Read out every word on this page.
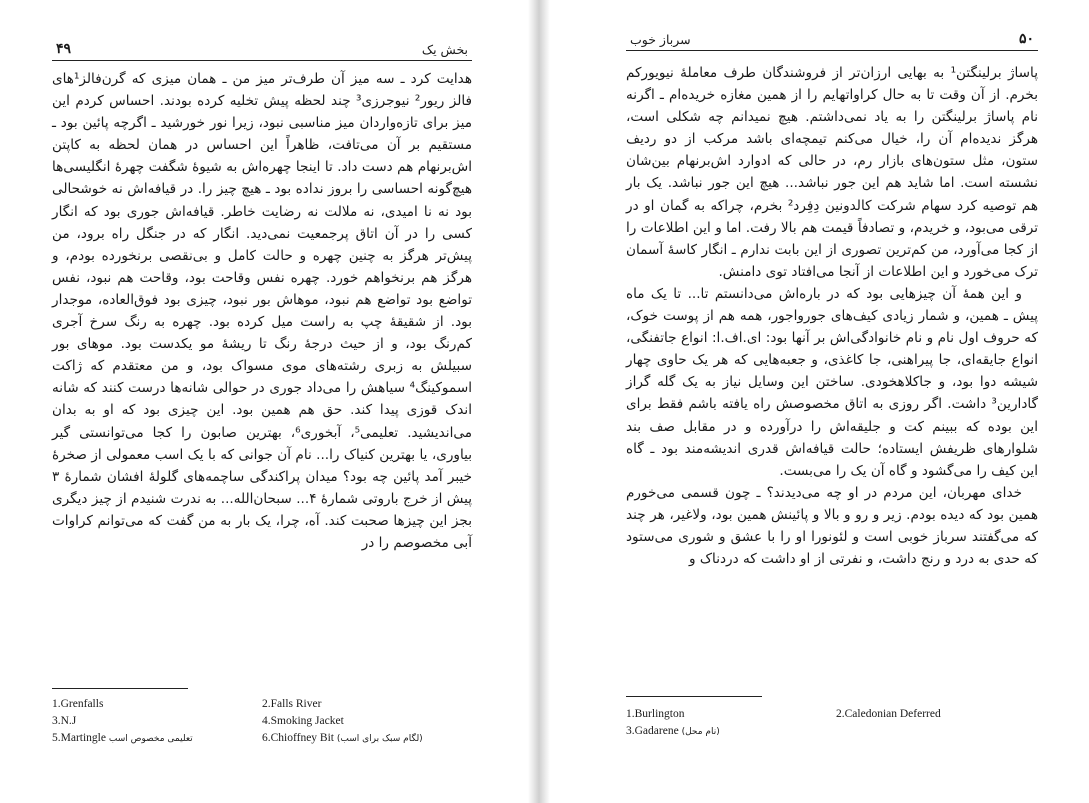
۴۹	بخش یک

هدایت کرد ـ سه میز آن طرف‌تر میز من ـ همان میزی که گرن‌فالز¹های فالز ریور² نیوجرزی³ چند لحظه پیش تخلیه کرده بودند. احساس کردم این میز برای تازه‌واردان میز مناسبی نبود، زیرا نور خورشید ـ اگرچه پائین بود ـ مستقیم بر آن می‌تافت، ظاهراً این احساس در همان لحظه به کاپتن اش‌برنهام هم دست داد. تا اینجا چهره‌اش به شیوهٔ شگفت چهرهٔ انگلیسی‌ها هیچ‌گونه احساسی را بروز نداده بود ـ هیچ چیز را. در قیافه‌اش نه خوشحالی بود نه نا امیدی، نه ملالت نه رضایت خاطر. قیافه‌اش جوری بود که انگار کسی را در آن اتاق پرجمعیت نمی‌دید. انگار که در جنگل راه برود، من پیش‌تر هرگز به چنین چهره و حالت کامل و بی‌نقصی برنخورده بودم، و هرگز هم برنخواهم خورد. چهره نفس وقاحت بود، وقاحت هم نبود، نفس تواضع بود تواضع هم نبود، موهاش بور نبود، چیزی بود فوق‌العاده، موجدار بود. از شقیقهٔ چپ به راست میل کرده بود. چهره به رنگ سرخ آجری کم‌رنگ بود، و از حیث درجهٔ رنگ تا ریشهٔ مو یکدست بود. موهای بور سبیلش به زبری رشته‌های موی مسواک بود، و من معتقدم که ژاکت اسموکینگ⁴ سیاهش را می‌داد جوری در حوالی شانه‌ها درست کنند که شانه اندک قوزی پیدا کند. حق هم همین بود. این چیزی بود که او به بدان می‌اندیشید. تعلیمی⁵، آبخوری⁶، بهترین صابون را کجا می‌توانستی گیر بیاوری، یا بهترین کنیاک را... نام آن جوانی که با یک اسب معمولی از صخرهٔ خیبر آمد پائین چه بود؟ میدان پراکندگی ساچمه‌های گلولهٔ افشان شمارهٔ ۳ پیش از خرج باروتی شمارهٔ ۴... سبحان‌الله... به ندرت شنیدم از چیز دیگری بجز این چیزها صحبت کند. آه، چرا، یک بار به من گفت که می‌توانم کراوات آبی مخصوصم را در

1.Grenfalls	2.Falls River
3.N.J	4.Smoking Jacket
5.Martingle تعلیمی مخصوص اسب	6.Chioffney Bit (لگام سبک برای اسب)
۵۰
سرباز خوب

پاساژ برلینگتن¹ به بهایی ارزان‌تر از فروشندگان طرف معاملهٔ نیویورکم بخرم. از آن وقت تا به حال کراواتهایم را از همین مغازه خریده‌ام ـ اگرنه نام پاساژ برلینگتن را به یاد نمی‌داشتم. هیچ نمیدانم چه شکلی است، هرگز ندیده‌ام آن را، خیال می‌کنم تیمچه‌ای باشد مرکب از دو ردیف ستون، مثل ستون‌های بازار رم، در حالی که ادوارد اش‌برنهام بین‌شان نشسته است. اما شاید هم این جور نباشد... هیچ این جور نباشد. یک بار هم توصیه کرد سهام شرکت کالدونین دِفِرد² بخرم، چراکه به گمان او در ترقی می‌بود، و خریدم، و تصادفاً قیمت هم بالا رفت. اما و این اطلاعات را از کجا می‌آورد، من کم‌ترین تصوری از این بابت ندارم ـ انگار کاسهٔ آسمان ترک می‌خورد و این اطلاعات از آنجا می‌افتاد توی دامنش.

و این همهٔ آن چیزهایی بود که در باره‌اش می‌دانستم تا... تا یک ماه پیش ـ همین، و شمار زیادی کیف‌های جورواجور، همه هم از پوست خوک، که حروف اول نام و نام خانوادگی‌اش بر آنها بود: ای.اف.ا: انواع جاتفنگی، انواع جایقه‌ای، جا پیراهنی، جا کاغذی، و جعبه‌هایی که هر یک حاوی چهار شیشه دوا بود، و جاکلاهخودی. ساختن این وسایل نیاز به یک گله گراز گادارین³ داشت. اگر روزی به اتاق مخصوصش راه یافته باشم فقط برای این بوده که ببینم کت و جلیقه‌اش را درآورده و در مقابل صف بند شلوارهای ظریفش ایستاده؛ حالت قیافه‌اش قدری اندیشه‌مند بود ـ گاه این کیف را می‌گشود و گاه آن یک را می‌بست.

خدای مهربان، این مردم در او چه می‌دیدند؟ ـ چون قسمی می‌خورم همین بود که دیده بودم. زیر و رو و بالا و پائینش همین بود، ولاغیر، هر چند که می‌گفتند سرباز خوبی است و لئونورا او را با عشق و شوری می‌ستود که حدی به درد و رنج داشت، و نفرتی از او داشت که دردناک و

1.Burlington	2.Caledonian Deferred
3.Gadarene (نام محل)
